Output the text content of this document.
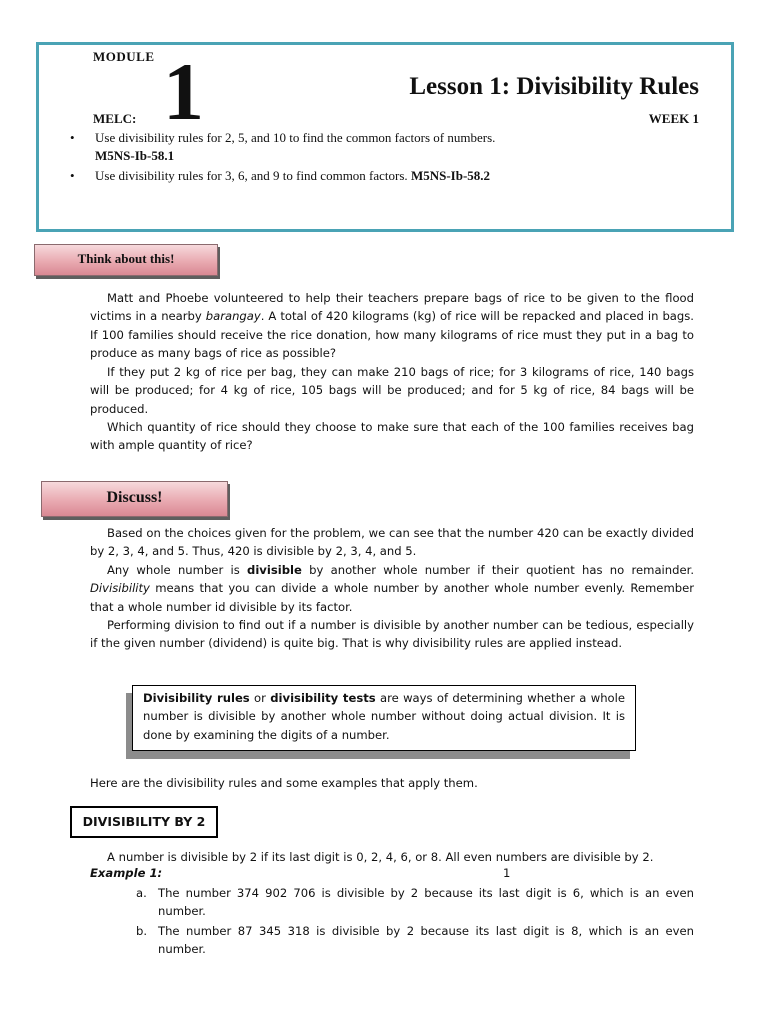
MODULE 1
MELC:
Lesson 1: Divisibility Rules
WEEK 1
• Use divisibility rules for 2, 5, and 10 to find the common factors of numbers.
M5NS-Ib-58.1
• Use divisibility rules for 3, 6, and 9 to find common factors. M5NS-Ib-58.2
Think about this!

Matt and Phoebe volunteered to help their teachers prepare bags of rice to be given to the flood victims in a nearby barangay. A total of 420 kilograms (kg) of rice will be repacked and placed in bags. If 100 families should receive the rice donation, how many kilograms of rice must they put in a bag to produce as many bags of rice as possible?

If they put 2 kg of rice per bag, they can make 210 bags of rice; for 3 kilograms of rice, 140 bags will be produced; for 4 kg of rice, 105 bags will be produced; and for 5 kg of rice, 84 bags will be produced.

Which quantity of rice should they choose to make sure that each of the 100 families receives bag with ample quantity of rice?

Discuss!

Based on the choices given for the problem, we can see that the number 420 can be exactly divided by 2, 3, 4, and 5. Thus, 420 is divisible by 2, 3, 4, and 5.

Any whole number is divisible by another whole number if their quotient has no remainder. Divisibility means that you can divide a whole number by another whole number evenly. Remember that a whole number id divisible by its factor.

Performing division to find out if a number is divisible by another number can be tedious, especially if the given number (dividend) is quite big. That is why divisibility rules are applied instead.

Divisibility rules or divisibility tests are ways of determining whether a whole number is divisible by another whole number without doing actual division. It is done by examining the digits of a number.

Here are the divisibility rules and some examples that apply them.

DIVISIBILITY BY 2

A number is divisible by 2 if its last digit is 0, 2, 4, 6, or 8. All even numbers are divisible by 2.

Example 1:	1
a. The number 374 902 706 is divisible by 2 because its last digit is 6, which is an even number.
b. The number 87 345 318 is divisible by 2 because its last digit is 8, which is an even number.
